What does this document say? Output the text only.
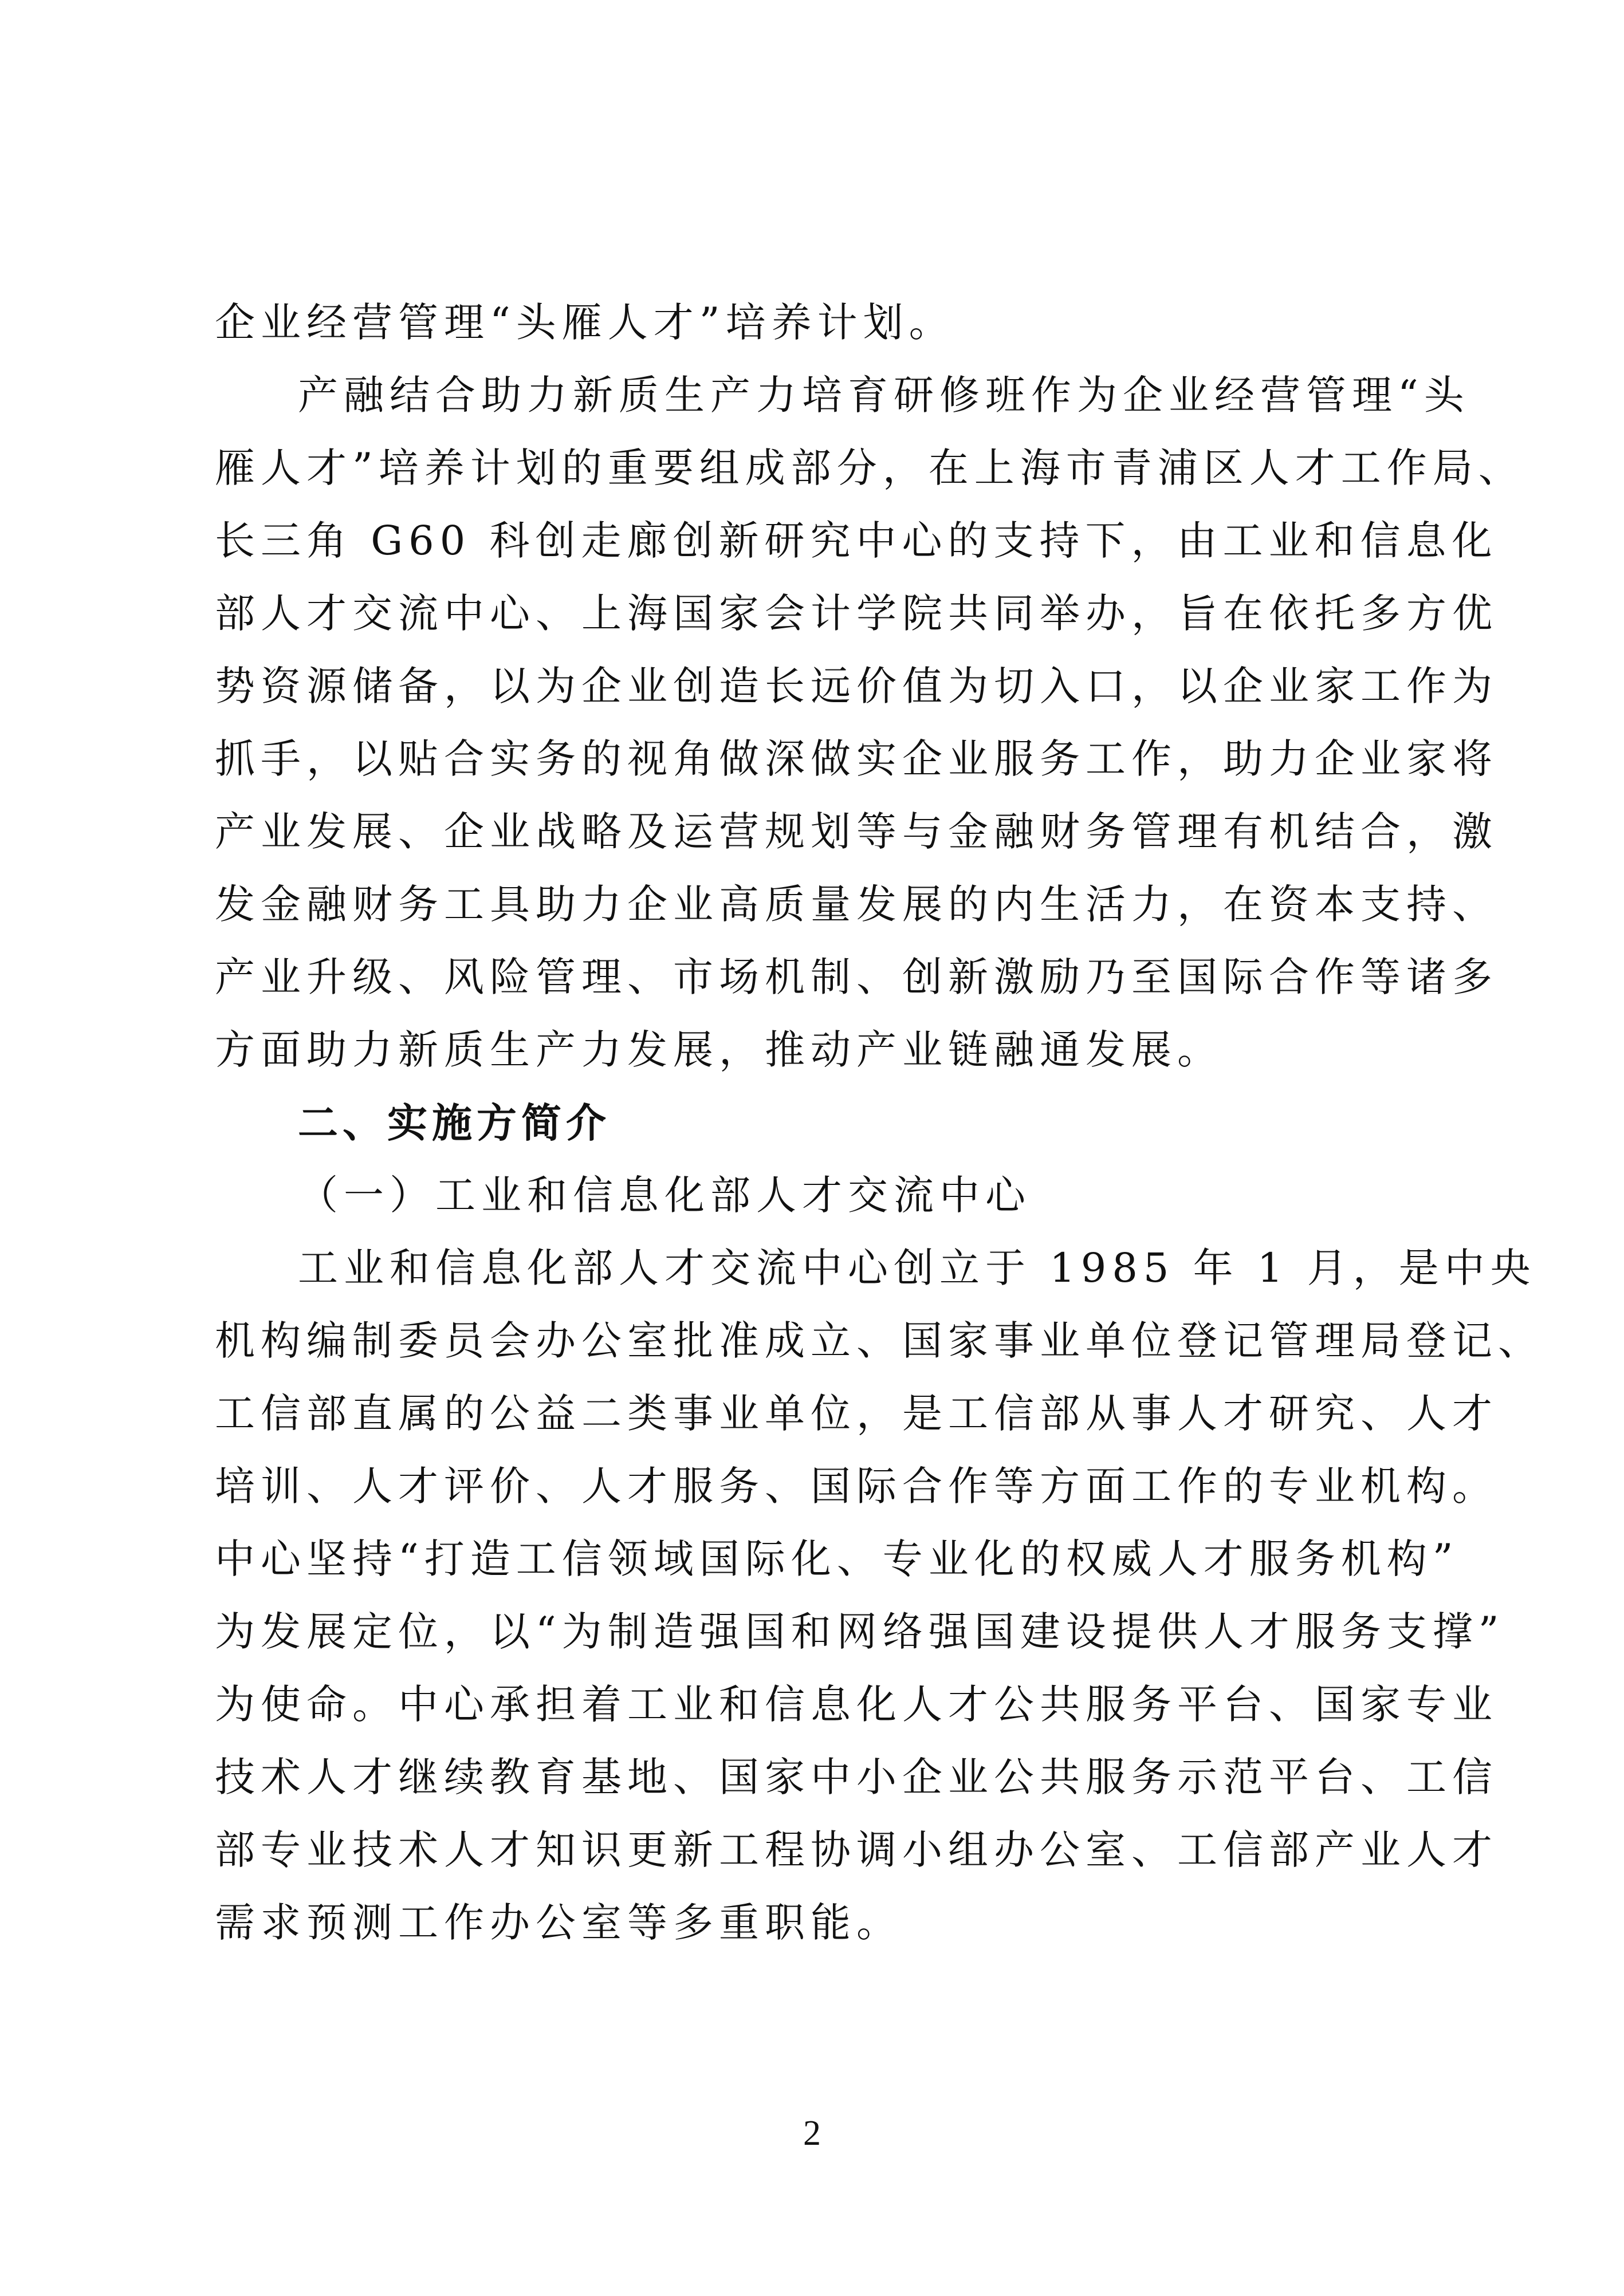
企业经营管理“头雁人才”培养计划。
产融结合助力新质生产力培育研修班作为企业经营管理“头
雁人才”培养计划的重要组成部分，在上海市青浦区人才工作局、
长三角 G60 科创走廊创新研究中心的支持下，由工业和信息化
部人才交流中心、上海国家会计学院共同举办，旨在依托多方优
势资源储备，以为企业创造长远价值为切入口，以企业家工作为
抓手，以贴合实务的视角做深做实企业服务工作，助力企业家将
产业发展、企业战略及运营规划等与金融财务管理有机结合，激
发金融财务工具助力企业高质量发展的内生活力，在资本支持、
产业升级、风险管理、市场机制、创新激励乃至国际合作等诸多
方面助力新质生产力发展，推动产业链融通发展。
二、实施方简介
（一）工业和信息化部人才交流中心
工业和信息化部人才交流中心创立于 1985 年 1 月，是中央
机构编制委员会办公室批准成立、国家事业单位登记管理局登记、
工信部直属的公益二类事业单位，是工信部从事人才研究、人才
培训、人才评价、人才服务、国际合作等方面工作的专业机构。
中心坚持“打造工信领域国际化、专业化的权威人才服务机构”
为发展定位，以“为制造强国和网络强国建设提供人才服务支撑”
为使命。中心承担着工业和信息化人才公共服务平台、国家专业
技术人才继续教育基地、国家中小企业公共服务示范平台、工信
部专业技术人才知识更新工程协调小组办公室、工信部产业人才
需求预测工作办公室等多重职能。
2
